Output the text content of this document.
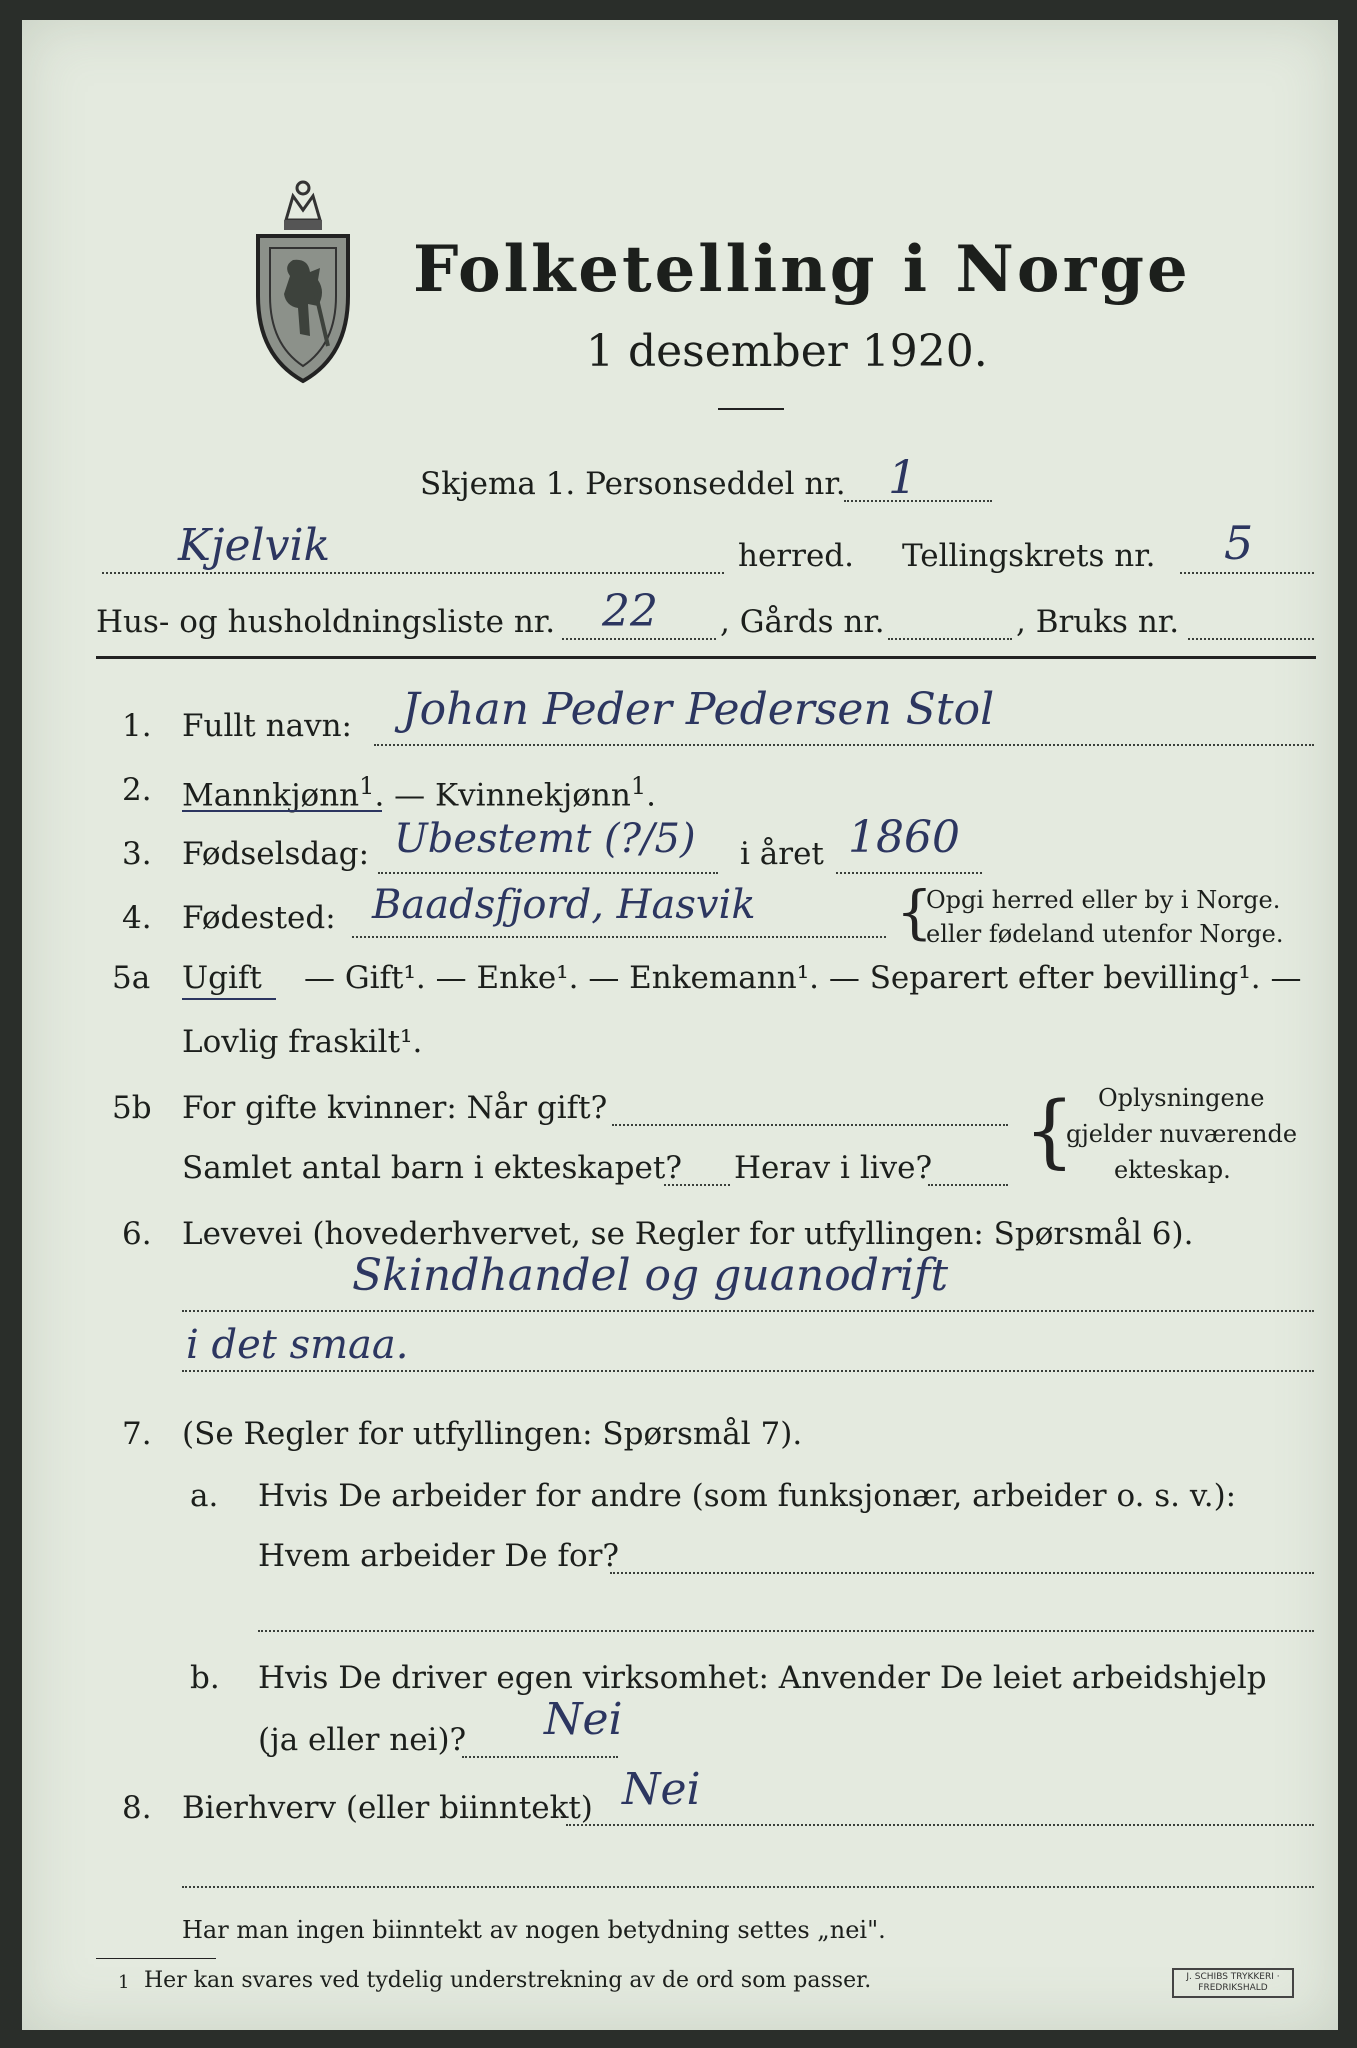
Folketelling i Norge
1 desember 1920.
Skjema 1. Personseddel nr. 1
Kjelvik	herred. Tellingskrets nr. 5
Hus- og husholdningsliste nr. 22 , Gårds nr.	, Bruks nr.
1. Fullt navn: Johan Peder Pedersen Stol
2. Mannkjønn$^1$. — Kvinnekjønn$^1$.
3. Fødselsdag: Ubestemt (?/5) i året 1860
4. Fødested: Baadsfjord, Hasvik {
Opgi herred eller by i Norge.
eller fødeland utenfor Norge.
5a Ugift — Gift¹. — Enke¹. — Enkemann¹. — Separert efter bevilling¹. —
Lovlig fraskilt¹.
5b For gifte kvinner: Når gift?
Samlet antal barn i ekteskapet? Herav i live? { Oplysningene
gjelder nuværende
ekteskap.
6. Levevei (hovederhvervet, se Regler for utfyllingen: Spørsmål 6).
Skindhandel og guanodrift
i det smaa.
7. (Se Regler for utfyllingen: Spørsmål 7).
a. Hvis De arbeider for andre (som funksjonær, arbeider o. s. v.):
Hvem arbeider De for?
b. Hvis De driver egen virksomhet: Anvender De leiet arbeidshjelp
(ja eller nei)? Nei
8. Bierhverv (eller biinntekt) Nei
Har man ingen biinntekt av nogen betydning settes „nei".
1 Her kan svares ved tydelig understrekning av de ord som passer.	J. SCHIBS TRYKKERI · FREDRIKSHALD
